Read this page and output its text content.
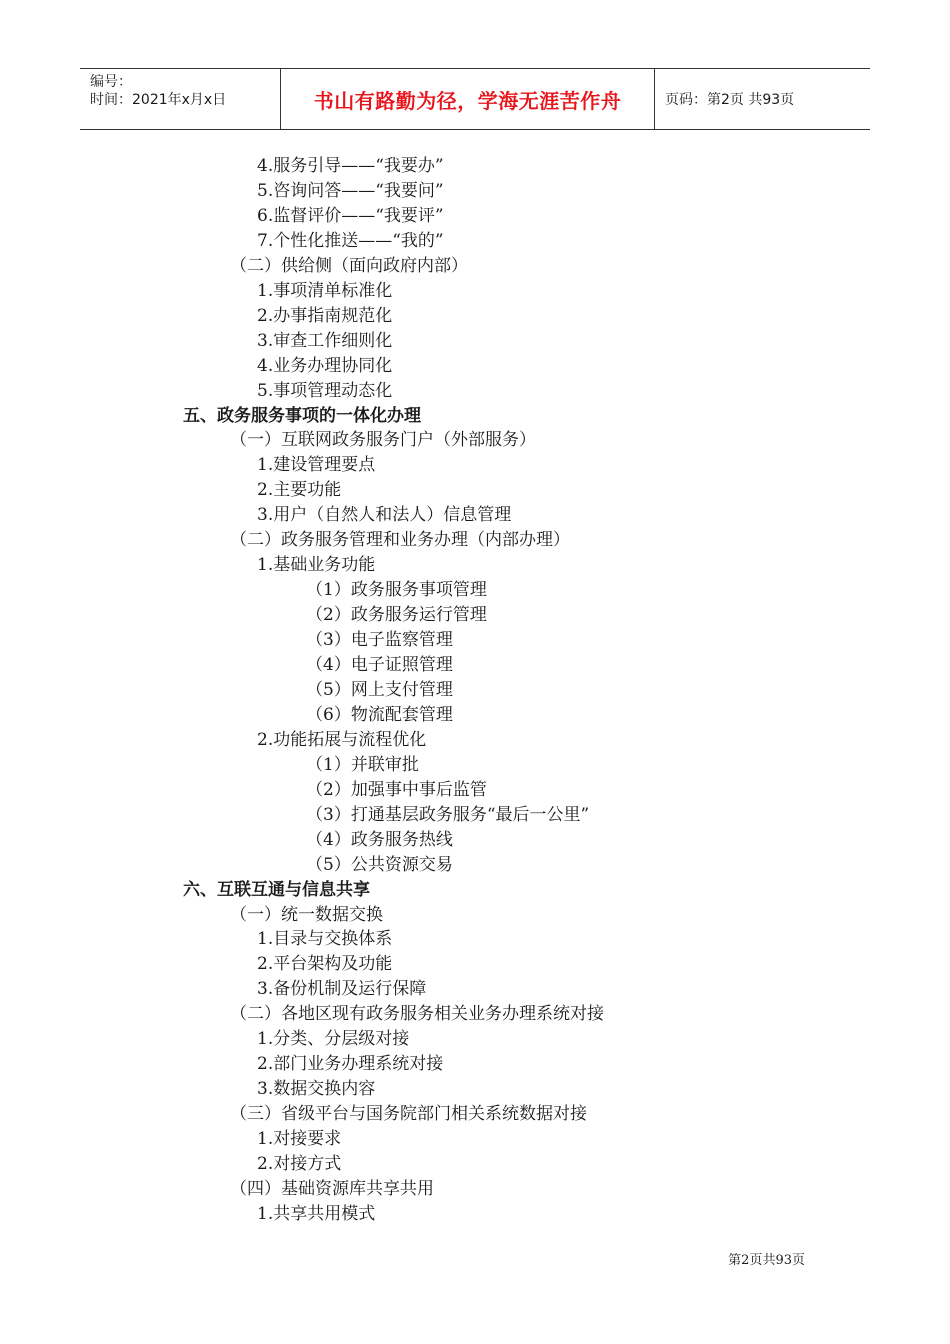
编号：
时间：2021年x月x日	书山有路勤为径，学海无涯苦作舟	页码：第2页 共93页
4.服务引导——“我要办”
5.咨询问答——“我要问”
6.监督评价——“我要评”
7.个性化推送——“我的”
（二）供给侧（面向政府内部）
1.事项清单标准化
2.办事指南规范化
3.审查工作细则化
4.业务办理协同化
5.事项管理动态化
五、政务服务事项的一体化办理
（一）互联网政务服务门户（外部服务）
1.建设管理要点
2.主要功能
3.用户（自然人和法人）信息管理
（二）政务服务管理和业务办理（内部办理）
1.基础业务功能
（1）政务服务事项管理
（2）政务服务运行管理
（3）电子监察管理
（4）电子证照管理
（5）网上支付管理
（6）物流配套管理
2.功能拓展与流程优化
（1）并联审批
（2）加强事中事后监管
（3）打通基层政务服务“最后一公里”
（4）政务服务热线
（5）公共资源交易
六、互联互通与信息共享
（一）统一数据交换
1.目录与交换体系
2.平台架构及功能
3.备份机制及运行保障
（二）各地区现有政务服务相关业务办理系统对接
1.分类、分层级对接
2.部门业务办理系统对接
3.数据交换内容
（三）省级平台与国务院部门相关系统数据对接
1.对接要求
2.对接方式
（四）基础资源库共享共用
1.共享共用模式
第2页共93页
